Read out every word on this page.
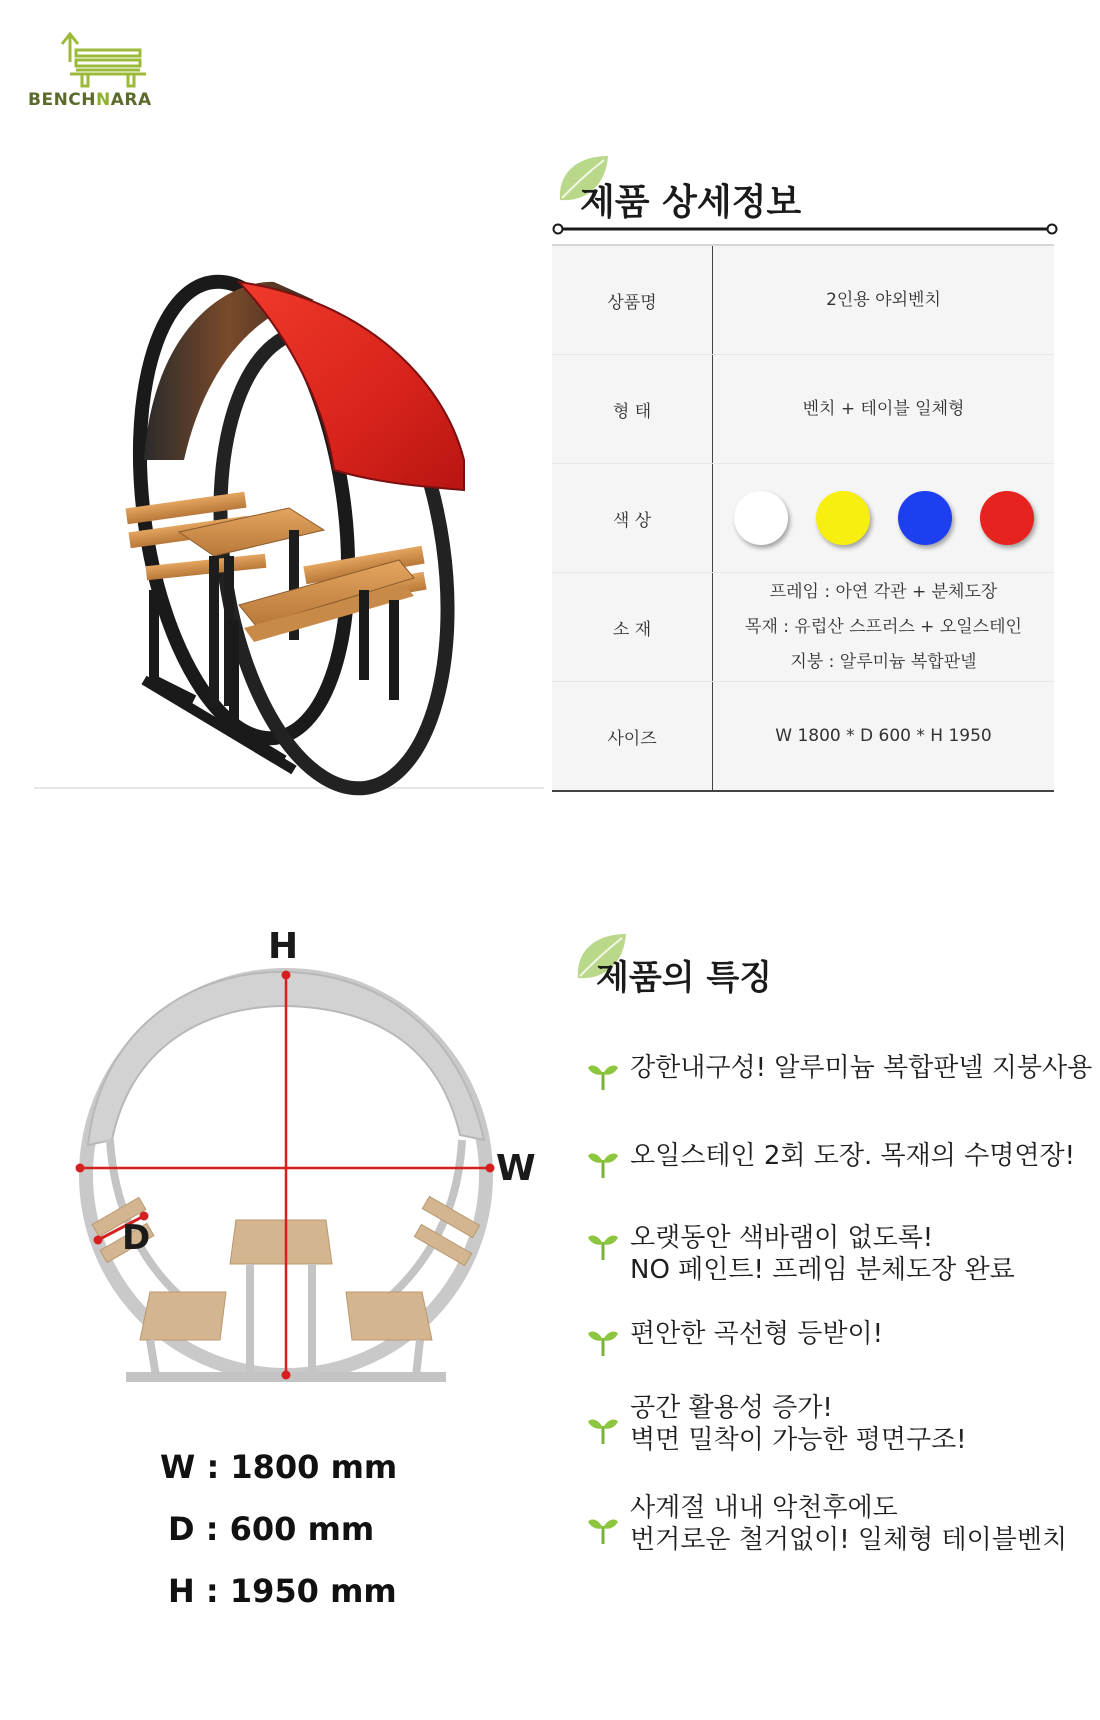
BENCHNARA
제품 상세정보
상품명	2인용 야외벤치
형 태	벤치 + 테이블 일체형
색 상
소 재
프레임 : 아연 각관 + 분체도장
목재 : 유럽산 스프러스 + 오일스테인
지붕 : 알루미늄 복합판넬
사이즈	W 1800 * D 600 * H 1950
H
W
D
W : 1800 mm
D : 600 mm
H : 1950 mm
제품의 특징
강한내구성! 알루미늄 복합판넬 지붕사용
오일스테인 2회 도장. 목재의 수명연장!
오랫동안 색바램이 없도록!
NO 페인트! 프레임 분체도장 완료
편안한 곡선형 등받이!
공간 활용성 증가!
벽면 밀착이 가능한 평면구조!
사계절 내내 악천후에도
번거로운 철거없이! 일체형 테이블벤치
